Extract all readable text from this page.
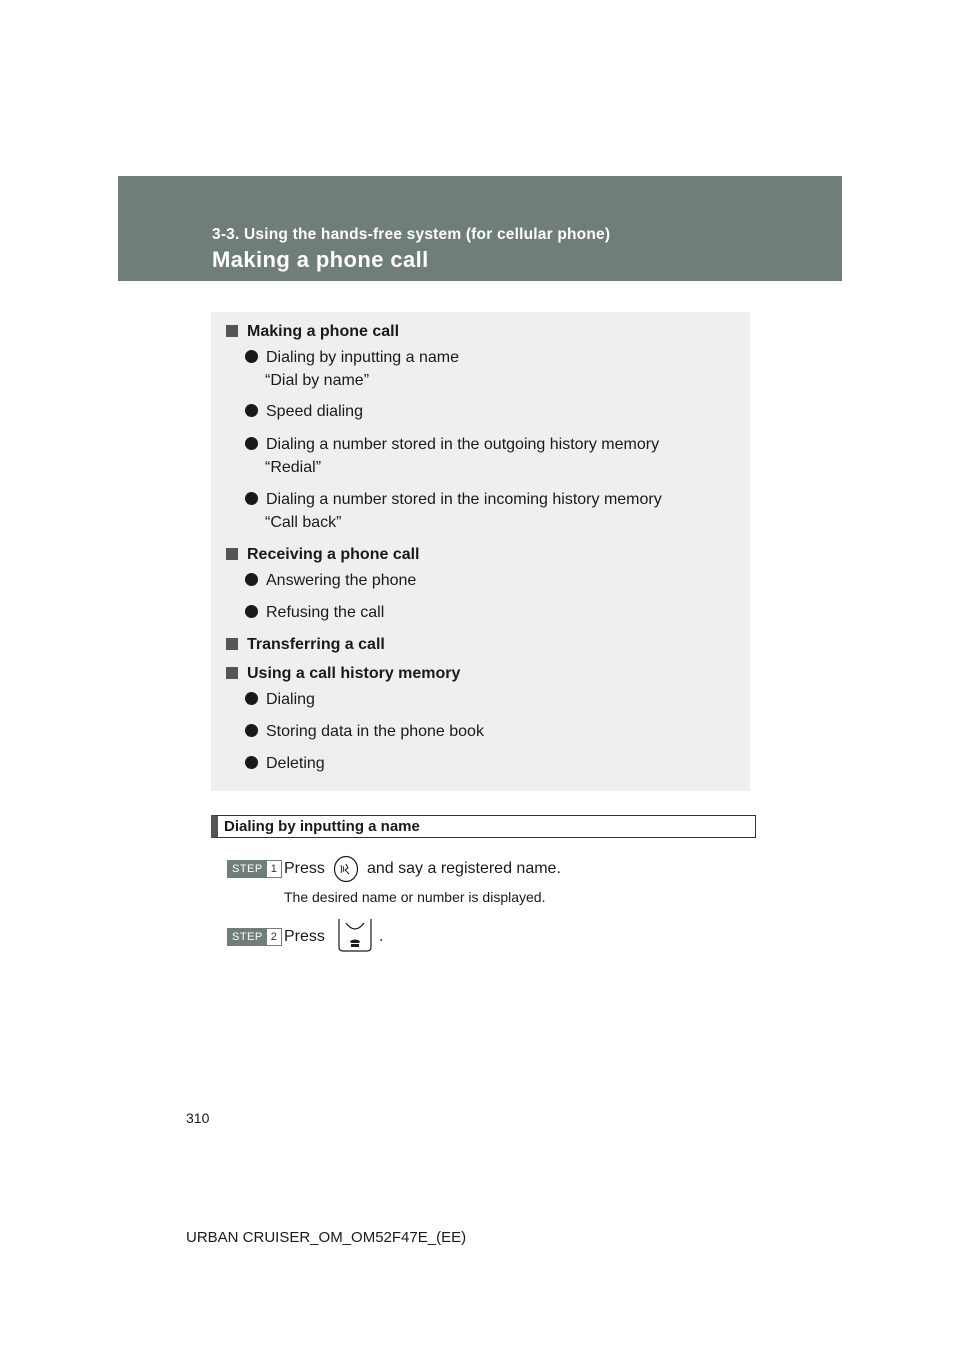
3-3. Using the hands-free system (for cellular phone)

Making a phone call
Making a phone call
Dialing by inputting a name
“Dial by name”
Speed dialing
Dialing a number stored in the outgoing history memory
“Redial”
Dialing a number stored in the incoming history memory
“Call back”
Receiving a phone call
Answering the phone
Refusing the call
Transferring a call
Using a call history memory
Dialing
Storing data in the phone book
Deleting
Dialing by inputting a name
STEP 1 Press	and say a registered name.
The desired name or number is displayed.
STEP 2 Press	.
310
URBAN CRUISER_OM_OM52F47E_(EE)
